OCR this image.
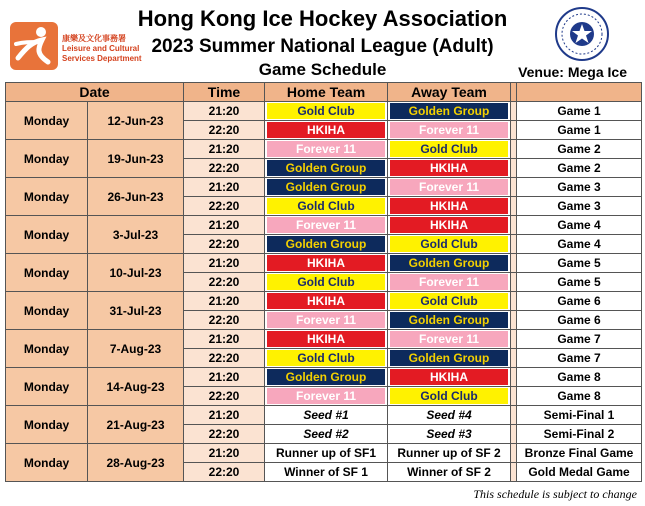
康樂及文化事務署
Leisure and Cultural
Services Department
Hong Kong Ice Hockey Association
2023 Summer National League (Adult)
Game Schedule	Venue: Mega Ice
Date		Time	Home Team	Away Team		
Monday	12-Jun-23	21:20	Gold Club	Golden Group		Game 1
		22:20	HKIHA	Forever 11		Game 1
Monday	19-Jun-23	21:20	Forever 11	Gold Club		Game 2
		22:20	Golden Group	HKIHA		Game 2
Monday	26-Jun-23	21:20	Golden Group	Forever 11		Game 3
		22:20	Gold Club	HKIHA		Game 3
Monday	3-Jul-23	21:20	Forever 11	HKIHA		Game 4
		22:20	Golden Group	Gold Club		Game 4
Monday	10-Jul-23	21:20	HKIHA	Golden Group		Game 5
		22:20	Gold Club	Forever 11		Game 5
Monday	31-Jul-23	21:20	HKIHA	Gold Club		Game 6
		22:20	Forever 11	Golden Group		Game 6
Monday	7-Aug-23	21:20	HKIHA	Forever 11		Game 7
		22:20	Gold Club	Golden Group		Game 7
Monday	14-Aug-23	21:20	Golden Group	HKIHA		Game 8
		22:20	Forever 11	Gold Club		Game 8
Monday	21-Aug-23	21:20	Seed #1	Seed #4		Semi-Final 1
		22:20	Seed #2	Seed #3		Semi-Final 2
Monday	28-Aug-23	21:20	Runner up of SF1	Runner up of SF 2		Bronze Final Game
		22:20	Winner of SF 1	Winner of SF 2		Gold Medal Game
This schedule is subject to change
